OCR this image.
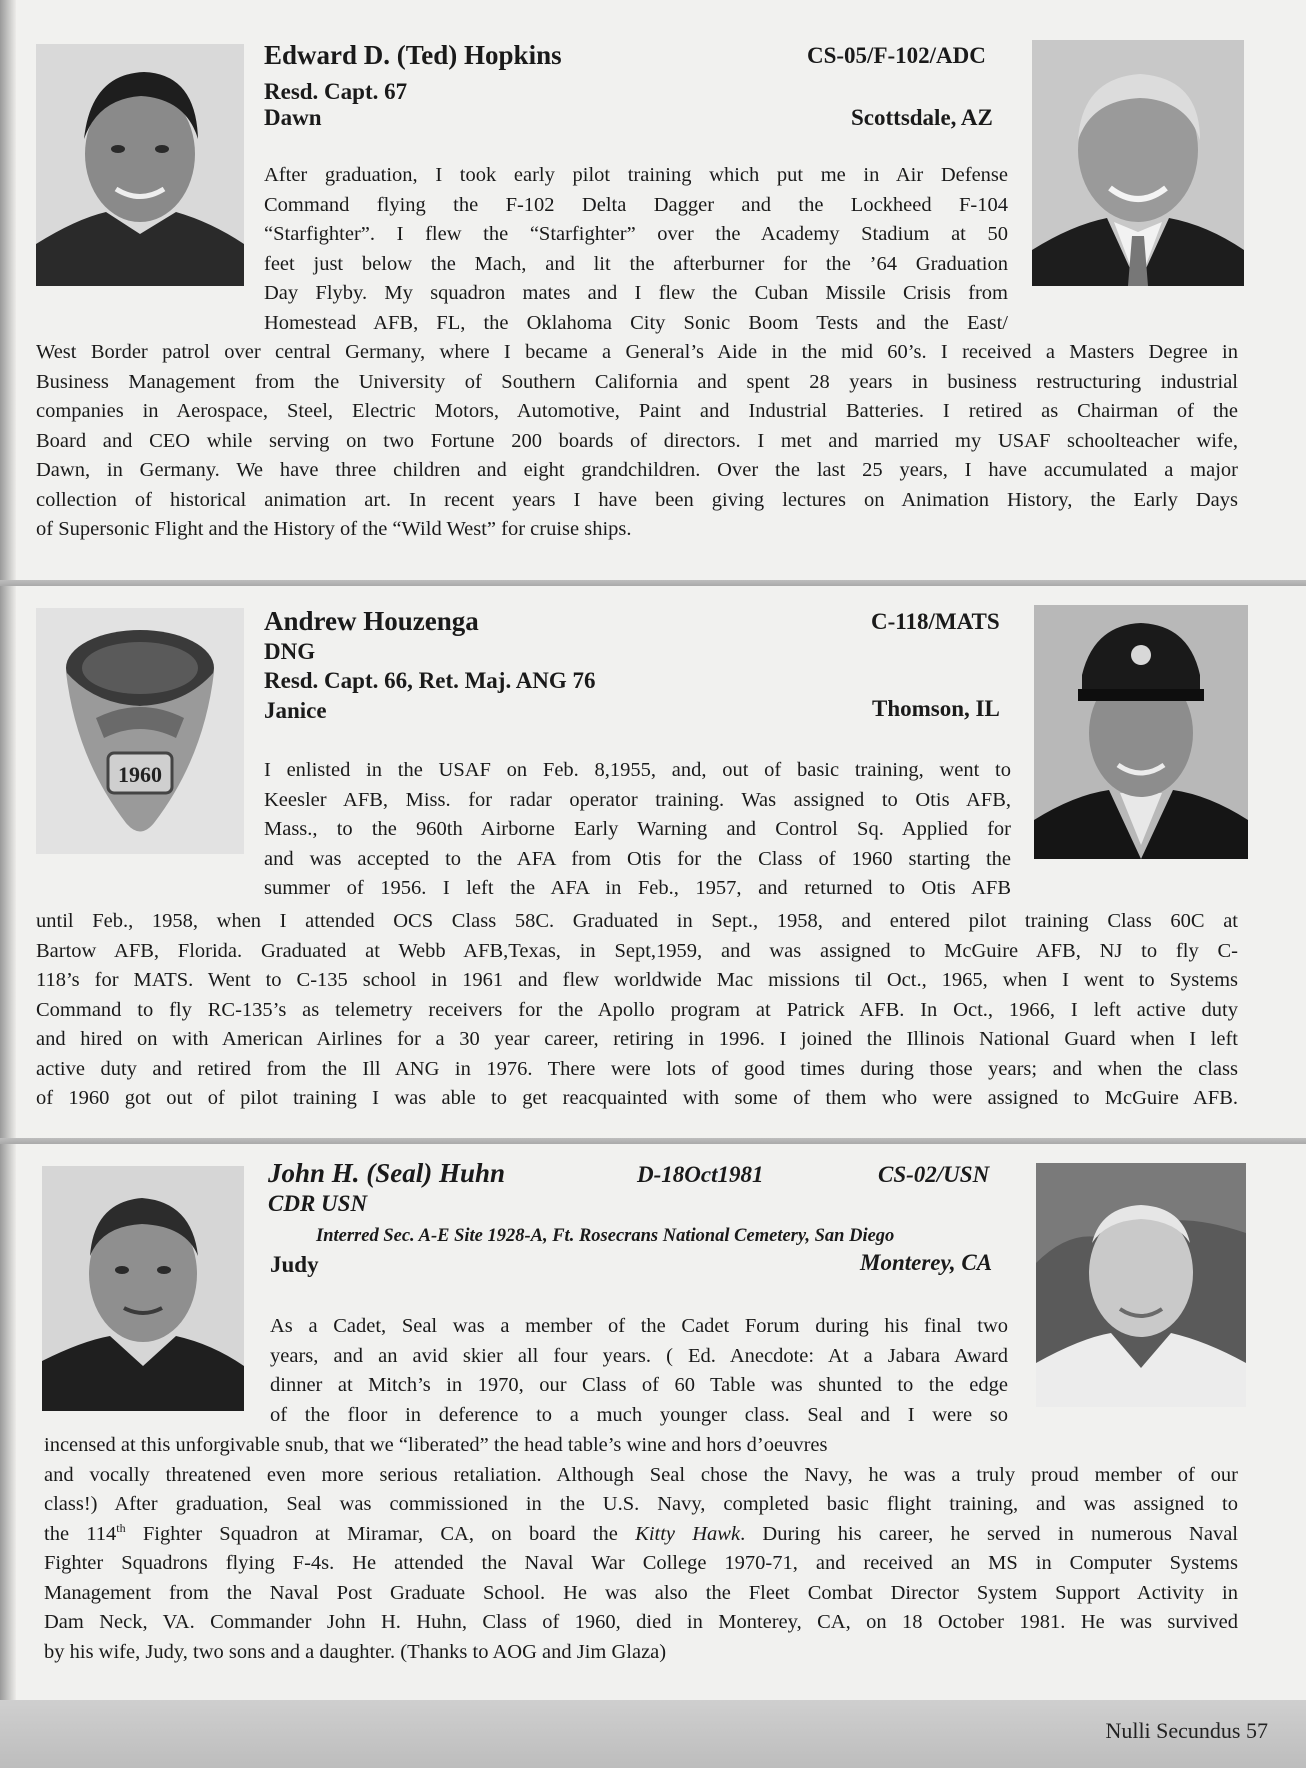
Edward D. (Ted) Hopkins	CS-05/F-102/ADC
Resd. Capt. 67
Dawn	Scottsdale, AZ
After graduation, I took early pilot training which put me in Air Defense
Command flying the F-102 Delta Dagger and the Lockheed F-104
“Starfighter”. I flew the “Starfighter” over the Academy Stadium at 50
feet just below the Mach, and lit the afterburner for the ’64 Graduation
Day Flyby. My squadron mates and I flew the Cuban Missile Crisis from
Homestead AFB, FL, the Oklahoma City Sonic Boom Tests and the East/
West Border patrol over central Germany, where I became a General’s Aide in the mid 60’s. I received a Masters Degree in
Business Management from the University of Southern California and spent 28 years in business restructuring industrial
companies in Aerospace, Steel, Electric Motors, Automotive, Paint and Industrial Batteries. I retired as Chairman of the
Board and CEO while serving on two Fortune 200 boards of directors. I met and married my USAF schoolteacher wife,
Dawn, in Germany. We have three children and eight grandchildren. Over the last 25 years, I have accumulated a major
collection of historical animation art. In recent years I have been giving lectures on Animation History, the Early Days
of Supersonic Flight and the History of the “Wild West” for cruise ships.
1960
Andrew Houzenga	C-118/MATS
DNG
Resd. Capt. 66, Ret. Maj. ANG 76
Janice	Thomson, IL
I enlisted in the USAF on Feb. 8,1955, and, out of basic training, went to
Keesler AFB, Miss. for radar operator training. Was assigned to Otis AFB,
Mass., to the 960th Airborne Early Warning and Control Sq. Applied for
and was accepted to the AFA from Otis for the Class of 1960 starting the
summer of 1956. I left the AFA in Feb., 1957, and returned to Otis AFB
until Feb., 1958, when I attended OCS Class 58C. Graduated in Sept., 1958, and entered pilot training Class 60C at
Bartow AFB, Florida. Graduated at Webb AFB,Texas, in Sept,1959, and was assigned to McGuire AFB, NJ to fly C-
118’s for MATS. Went to C-135 school in 1961 and flew worldwide Mac missions til Oct., 1965, when I went to Systems
Command to fly RC-135’s as telemetry receivers for the Apollo program at Patrick AFB. In Oct., 1966, I left active duty
and hired on with American Airlines for a 30 year career, retiring in 1996. I joined the Illinois National Guard when I left
active duty and retired from the Ill ANG in 1976. There were lots of good times during those years; and when the class
of 1960 got out of pilot training I was able to get reacquainted with some of them who were assigned to McGuire AFB.
John H. (Seal) Huhn	D-18Oct1981	CS-02/USN
CDR USN
Interred Sec. A-E Site 1928-A, Ft. Rosecrans National Cemetery, San Diego
Judy	Monterey, CA
As a Cadet, Seal was a member of the Cadet Forum during his final two
years, and an avid skier all four years. ( Ed. Anecdote: At a Jabara Award
dinner at Mitch’s in 1970, our Class of 60 Table was shunted to the edge
of the floor in deference to a much younger class. Seal and I were so
incensed at this unforgivable snub, that we “liberated” the head table’s wine and hors d’oeuvres
and vocally threatened even more serious retaliation. Although Seal chose the Navy, he was a truly proud member of our
class!) After graduation, Seal was commissioned in the U.S. Navy, completed basic flight training, and was assigned to
the 114th Fighter Squadron at Miramar, CA, on board the Kitty Hawk. During his career, he served in numerous Naval
Fighter Squadrons flying F-4s. He attended the Naval War College 1970-71, and received an MS in Computer Systems
Management from the Naval Post Graduate School. He was also the Fleet Combat Director System Support Activity in
Dam Neck, VA. Commander John H. Huhn, Class of 1960, died in Monterey, CA, on 18 October 1981. He was survived
by his wife, Judy, two sons and a daughter. (Thanks to AOG and Jim Glaza)
Nulli Secundus 57
